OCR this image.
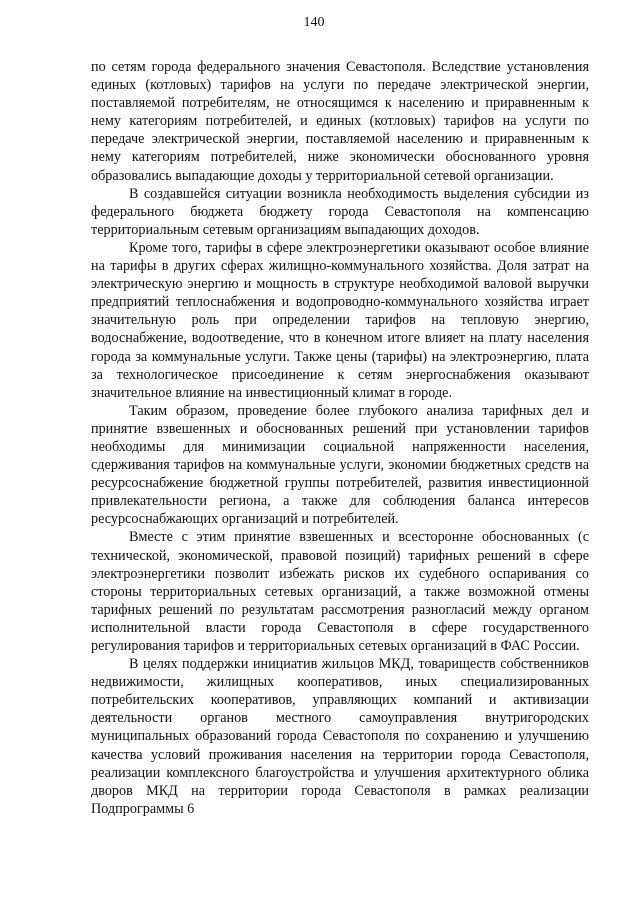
140

по сетям города федерального значения Севастополя. Вследствие установления единых (котловых) тарифов на услуги по передаче электрической энергии, поставляемой потребителям, не относящимся к населению и приравненным к нему категориям потребителей, и единых (котловых) тарифов на услуги по передаче электрической энергии, поставляемой населению и приравненным к нему категориям потребителей, ниже экономически обоснованного уровня образовались выпадающие доходы у территориальной сетевой организации.

В создавшейся ситуации возникла необходимость выделения субсидии из федерального бюджета бюджету города Севастополя на компенсацию территориальным сетевым организациям выпадающих доходов.

Кроме того, тарифы в сфере электроэнергетики оказывают особое влияние на тарифы в других сферах жилищно-коммунального хозяйства. Доля затрат на электрическую энергию и мощность в структуре необходимой валовой выручки предприятий теплоснабжения и водопроводно-коммунального хозяйства играет значительную роль при определении тарифов на тепловую энергию, водоснабжение, водоотведение, что в конечном итоге влияет на плату населения города за коммунальные услуги. Также цены (тарифы) на электроэнергию, плата за технологическое присоединение к сетям энергоснабжения оказывают значительное влияние на инвестиционный климат в городе.

Таким образом, проведение более глубокого анализа тарифных дел и принятие взвешенных и обоснованных решений при установлении тарифов необходимы для минимизации социальной напряженности населения, сдерживания тарифов на коммунальные услуги, экономии бюджетных средств на ресурсоснабжение бюджетной группы потребителей, развития инвестиционной привлекательности региона, а также для соблюдения баланса интересов ресурсоснабжающих организаций и потребителей.

Вместе с этим принятие взвешенных и всесторонне обоснованных (с технической, экономической, правовой позиций) тарифных решений в сфере электроэнергетики позволит избежать рисков их судебного оспаривания со стороны территориальных сетевых организаций, а также возможной отмены тарифных решений по результатам рассмотрения разногласий между органом исполнительной власти города Севастополя в сфере государственного регулирования тарифов и территориальных сетевых организаций в ФАС России.

В целях поддержки инициатив жильцов МКД, товариществ собственников недвижимости, жилищных кооперативов, иных специализированных потребительских кооперативов, управляющих компаний и активизации деятельности органов местного самоуправления внутригородских муниципальных образований города Севастополя по сохранению и улучшению качества условий проживания населения на территории города Севастополя, реализации комплексного благоустройства и улучшения архитектурного облика дворов МКД на территории города Севастополя в рамках реализации Подпрограммы 6
